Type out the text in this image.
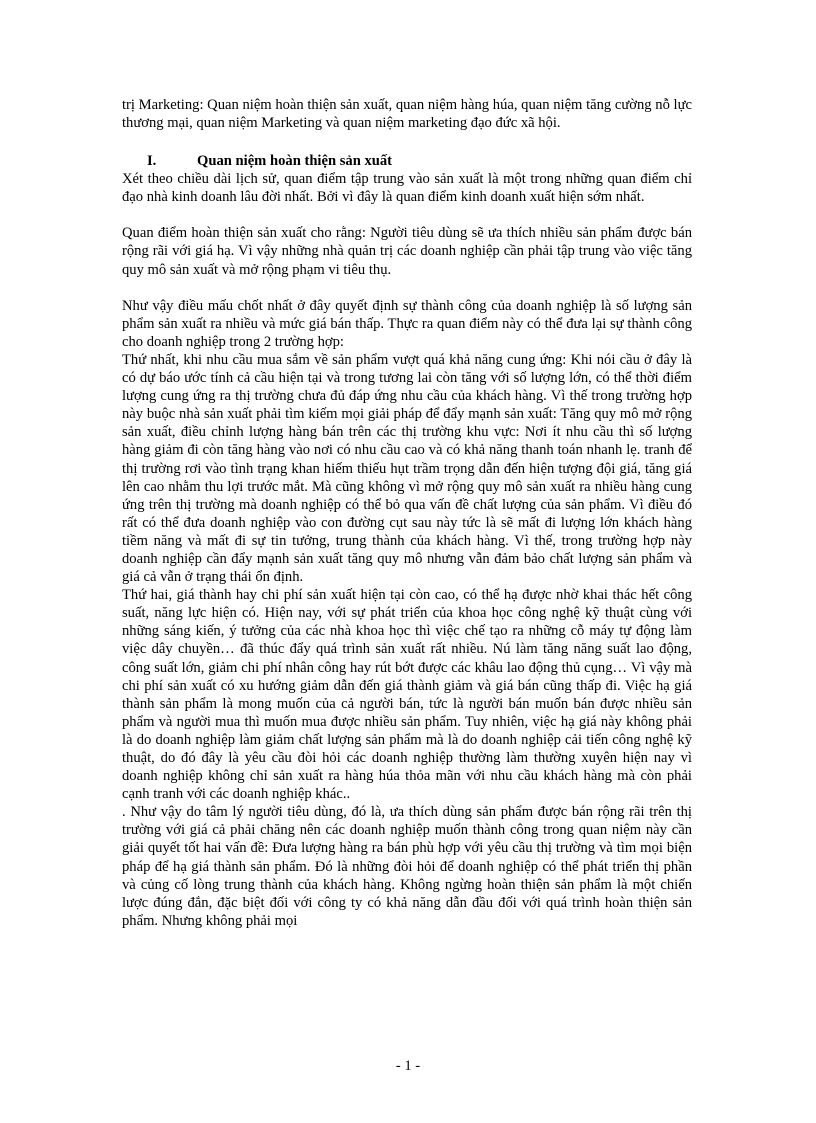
trị Marketing: Quan niệm hoàn thiện sản xuất, quan niệm hàng húa, quan niệm tăng cường nỗ lực thương mại, quan niệm Marketing và quan niệm marketing đạo đức xã hội.

I.	Quan niệm hoàn thiện sản xuất

Xét theo chiều dài lịch sử, quan điểm tập trung vào sản xuất là một trong những quan điểm chỉ đạo nhà kinh doanh lâu đời nhất. Bởi vì đây là quan điểm kinh doanh xuất hiện sớm nhất.

Quan điểm hoàn thiện sản xuất cho rằng: Người tiêu dùng sẽ ưa thích nhiều sản phẩm được bán rộng rãi với giá hạ. Vì vậy những nhà quản trị các doanh nghiệp cần phải tập trung vào việc tăng quy mô sản xuất và mở rộng phạm vi tiêu thụ.

Như vậy điều mấu chốt nhất ở đây quyết định sự thành công của doanh nghiệp là số lượng sản phẩm sản xuất ra nhiều và mức giá bán thấp. Thực ra quan điểm này có thể đưa lại sự thành công cho doanh nghiệp trong 2 trường hợp:

Thứ nhất, khi nhu cầu mua sắm về sản phẩm vượt quá khả năng cung ứng: Khi nói cầu ở đây là có dự báo ước tính cả cầu hiện tại và trong tương lai còn tăng với số lượng lớn, có thể thời điểm lượng cung ứng ra thị trường chưa đủ đáp ứng nhu cầu của khách hàng. Vì thế trong trường hợp này buộc nhà sản xuất phải tìm kiếm mọi giải pháp để đẩy mạnh sản xuất: Tăng quy mô mở rộng sản xuất, điều chỉnh lượng hàng bán trên các thị trường khu vực: Nơi ít nhu cầu thì số lượng hàng giảm đi còn tăng hàng vào nơi có nhu cầu cao và có khả năng thanh toán nhanh lẹ. tranh để thị trường rơi vào tình trạng khan hiếm thiếu hụt trầm trọng dẫn đến hiện tượng đội giá, tăng giá lên cao nhằm thu lợi trước mắt. Mà cũng không vì mở rộng quy mô sản xuất ra nhiều hàng cung ứng trên thị trường mà doanh nghiệp có thể bỏ qua vấn đề chất lượng của sản phẩm. Vì điều đó rất có thể đưa doanh nghiệp vào con đường cụt sau này tức là sẽ mất đi lượng lớn khách hàng tiềm năng và mất đi sự tin tưởng, trung thành của khách hàng. Vì thế, trong trường hợp này doanh nghiệp cần đẩy mạnh sản xuất tăng quy mô nhưng vẫn đảm bảo chất lượng sản phẩm và giá cả vẫn ở trạng thái ổn định.

Thứ hai, giá thành hay chi phí sản xuất hiện tại còn cao, có thể hạ được nhờ khai thác hết công suất, năng lực hiện có. Hiện nay, với sự phát triển của khoa học công nghệ kỹ thuật cùng với những sáng kiến, ý tưởng của các nhà khoa học thì việc chế tạo ra những cỗ máy tự động làm việc dây chuyền… đã thúc đẩy quá trình sản xuất rất nhiều. Nú làm tăng năng suất lao động, công suất lớn, giảm chi phí nhân công hay rút bớt được các khâu lao động thủ cụng… Vì vậy mà chi phí sản xuất có xu hướng giảm dẫn đến giá thành giảm và giá bán cũng thấp đi. Việc hạ giá thành sản phẩm là mong muốn của cả người bán, tức là người bán muốn bán được nhiều sản phẩm và người mua thì muốn mua được nhiều sản phẩm. Tuy nhiên, việc hạ giá này không phải là do doanh nghiệp làm giảm chất lượng sản phẩm mà là do doanh nghiệp cải tiến công nghệ kỹ thuật, do đó đây là yêu cầu đòi hỏi các doanh nghiệp thường làm thường xuyên hiện nay vì doanh nghiệp không chỉ sản xuất ra hàng húa thỏa mãn với nhu cầu khách hàng mà còn phải cạnh tranh với các doanh nghiệp khác..

. Như vậy do tâm lý người tiêu dùng, đó là, ưa thích dùng sản phẩm được bán rộng rãi trên thị trường với giá cả phải chăng nên các doanh nghiệp muốn thành công trong quan niệm này cần giải quyết tốt hai vấn đề: Đưa lượng hàng ra bán phù hợp với yêu cầu thị trường và tìm mọi biện pháp để hạ giá thành sản phẩm. Đó là những đòi hỏi để doanh nghiệp có thể phát triển thị phần và củng cố lòng trung thành của khách hàng. Không ngừng hoàn thiện sản phẩm là một chiến lược đúng đắn, đặc biệt đối với công ty có khả năng dẫn đầu đối với quá trình hoàn thiện sản phẩm. Nhưng không phải mọi

- 1 -
